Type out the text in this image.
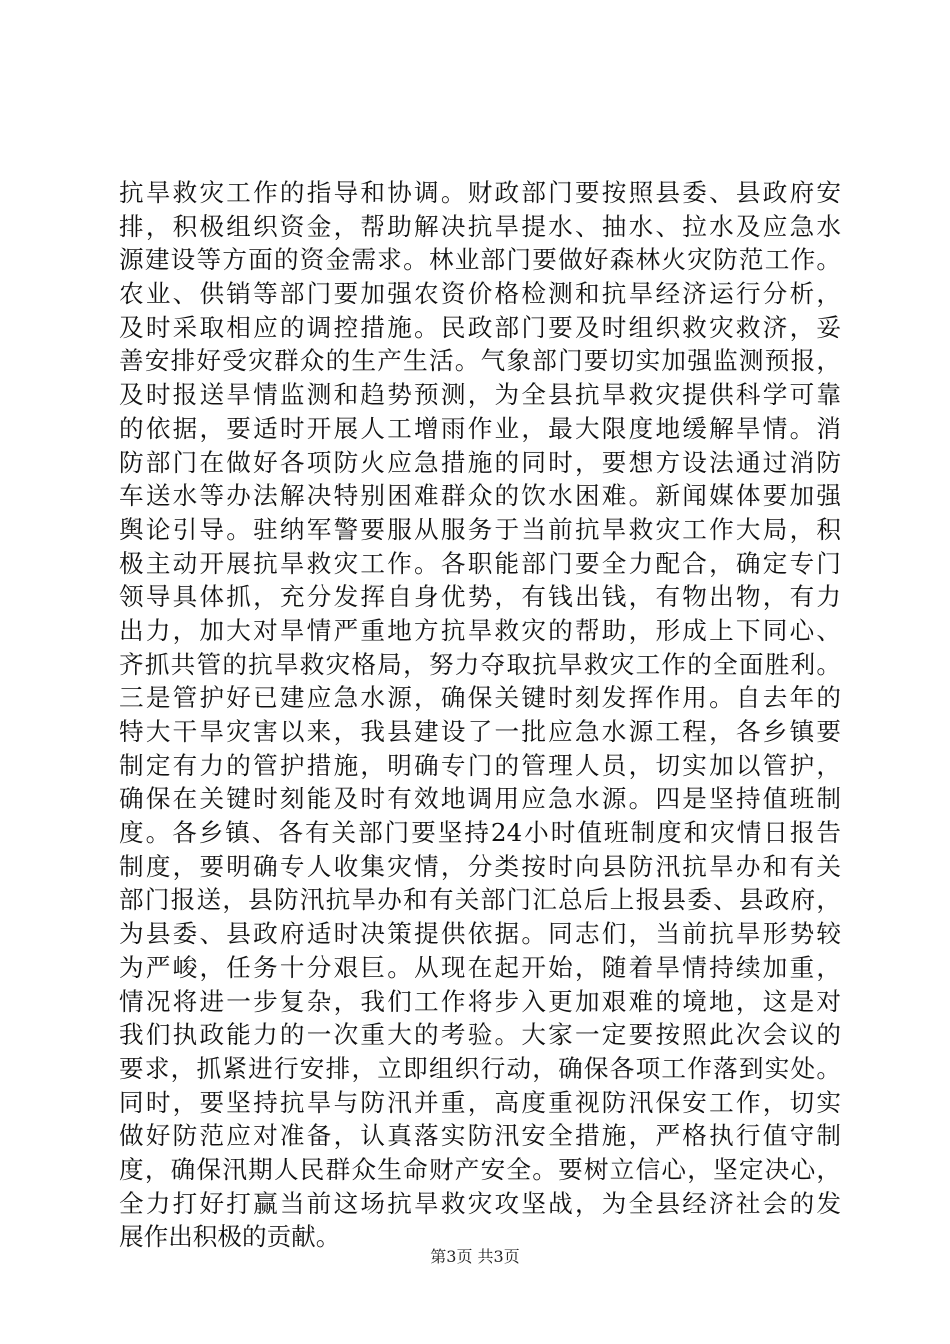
抗旱救灾工作的指导和协调。财政部门要按照县委、县政府安
排，积极组织资金，帮助解决抗旱提水、抽水、拉水及应急水
源建设等方面的资金需求。林业部门要做好森林火灾防范工作。
农业、供销等部门要加强农资价格检测和抗旱经济运行分析，
及时采取相应的调控措施。民政部门要及时组织救灾救济，妥
善安排好受灾群众的生产生活。气象部门要切实加强监测预报，
及时报送旱情监测和趋势预测，为全县抗旱救灾提供科学可靠
的依据，要适时开展人工增雨作业，最大限度地缓解旱情。消
防部门在做好各项防火应急措施的同时，要想方设法通过消防
车送水等办法解决特别困难群众的饮水困难。新闻媒体要加强
舆论引导。驻纳军警要服从服务于当前抗旱救灾工作大局，积
极主动开展抗旱救灾工作。各职能部门要全力配合，确定专门
领导具体抓，充分发挥自身优势，有钱出钱，有物出物，有力
出力，加大对旱情严重地方抗旱救灾的帮助，形成上下同心、
齐抓共管的抗旱救灾格局，努力夺取抗旱救灾工作的全面胜利。
三是管护好已建应急水源，确保关键时刻发挥作用。自去年的
特大干旱灾害以来，我县建设了一批应急水源工程，各乡镇要
制定有力的管护措施，明确专门的管理人员，切实加以管护，
确保在关键时刻能及时有效地调用应急水源。四是坚持值班制
度。各乡镇、各有关部门要坚持24小时值班制度和灾情日报告
制度，要明确专人收集灾情，分类按时向县防汛抗旱办和有关
部门报送，县防汛抗旱办和有关部门汇总后上报县委、县政府，
为县委、县政府适时决策提供依据。同志们，当前抗旱形势较
为严峻，任务十分艰巨。从现在起开始，随着旱情持续加重，
情况将进一步复杂，我们工作将步入更加艰难的境地，这是对
我们执政能力的一次重大的考验。大家一定要按照此次会议的
要求，抓紧进行安排，立即组织行动，确保各项工作落到实处。
同时，要坚持抗旱与防汛并重，高度重视防汛保安工作，切实
做好防范应对准备，认真落实防汛安全措施，严格执行值守制
度，确保汛期人民群众生命财产安全。要树立信心，坚定决心，
全力打好打赢当前这场抗旱救灾攻坚战，为全县经济社会的发
展作出积极的贡献。
第3页 共3页
